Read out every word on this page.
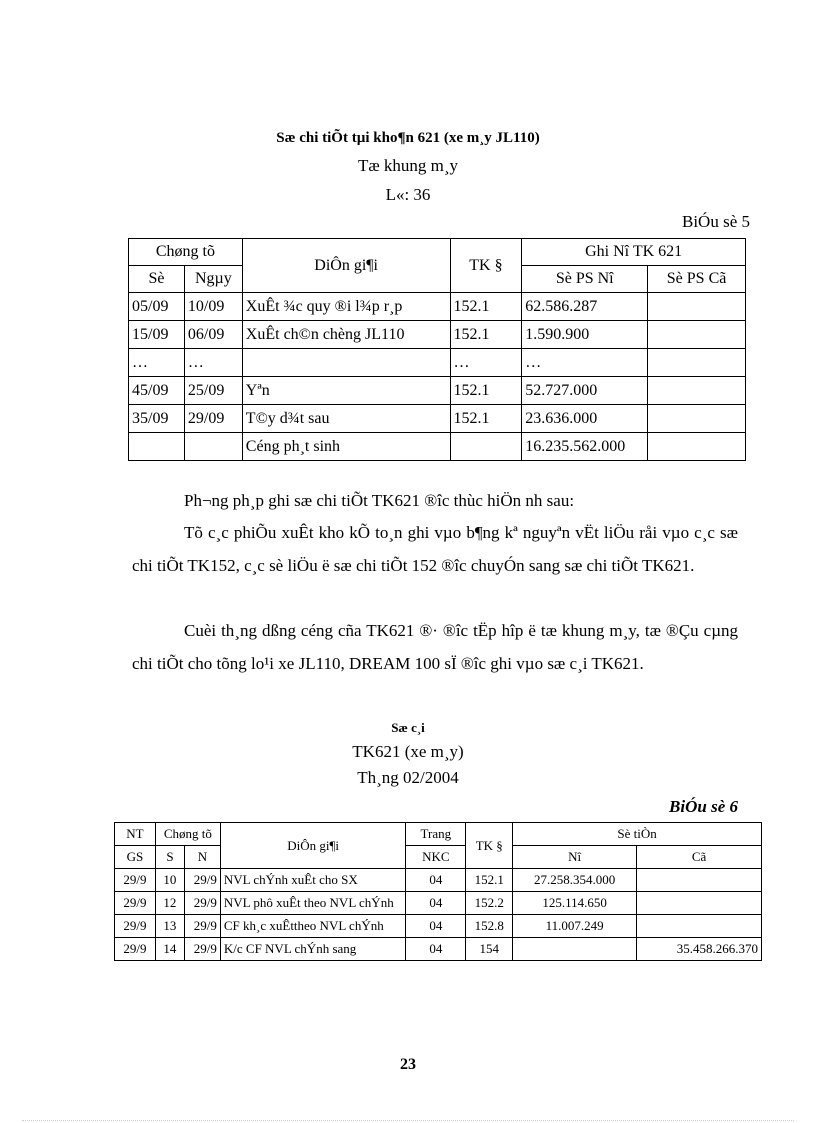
Sæ chi tiÕt tµi kho¶n 621 (xe m¸y JL110)
Tæ khung m¸y
L«: 36
BiÓu sè 5
Chøng tõ		DiÔn gi¶i	TK §	Ghi Nî TK 621	
Sè	Ngµy			Sè PS Nî	Sè PS Cã
05/09	10/09	XuÊt ¾c quy ®i l¾p r¸p	152.1	62.586.287	
15/09	06/09	XuÊt ch©n chèng JL110	152.1	1.590.900	
…	…		…	…	
45/09	25/09	Yªn	152.1	52.727.000	
35/09	29/09	T©y d¾t sau	152.1	23.636.000	
		Céng ph¸t sinh		16.235.562.000	
Ph¬ng ph¸p ghi sæ chi tiÕt TK621 ®îc thùc hiÖn nh sau:
Tõ c¸c phiÕu xuÊt kho kÕ to¸n ghi vµo b¶ng kª nguyªn vËt liÖu råi vµo c¸c sæ chi tiÕt TK152, c¸c sè liÖu ë sæ chi tiÕt 152 ®îc chuyÓn sang sæ chi tiÕt TK621.
Cuèi th¸ng dßng céng cña TK621 ®· ®îc tËp hîp ë tæ khung m¸y, tæ ®Çu cµng chi tiÕt cho tõng lo¹i xe JL110, DREAM 100 sÏ ®îc ghi vµo sæ c¸i TK621.
Sæ c¸i
TK621 (xe m¸y)
Th¸ng 02/2004
BiÓu sè 6
NT	Chøng tõ		DiÔn gi¶i	Trang	TK §	Sè tiÒn	
GS	S	N		NKC		Nî	Cã
29/9	10	29/9	NVL chÝnh xuÊt cho SX	04	152.1	27.258.354.000	
29/9	12	29/9	NVL phô xuÊt theo NVL chÝnh	04	152.2	125.114.650	
29/9	13	29/9	CF kh¸c xuÊttheo NVL chÝnh	04	152.8	11.007.249	
29/9	14	29/9	K/c CF NVL chÝnh sang	04	154		35.458.266.370
23
